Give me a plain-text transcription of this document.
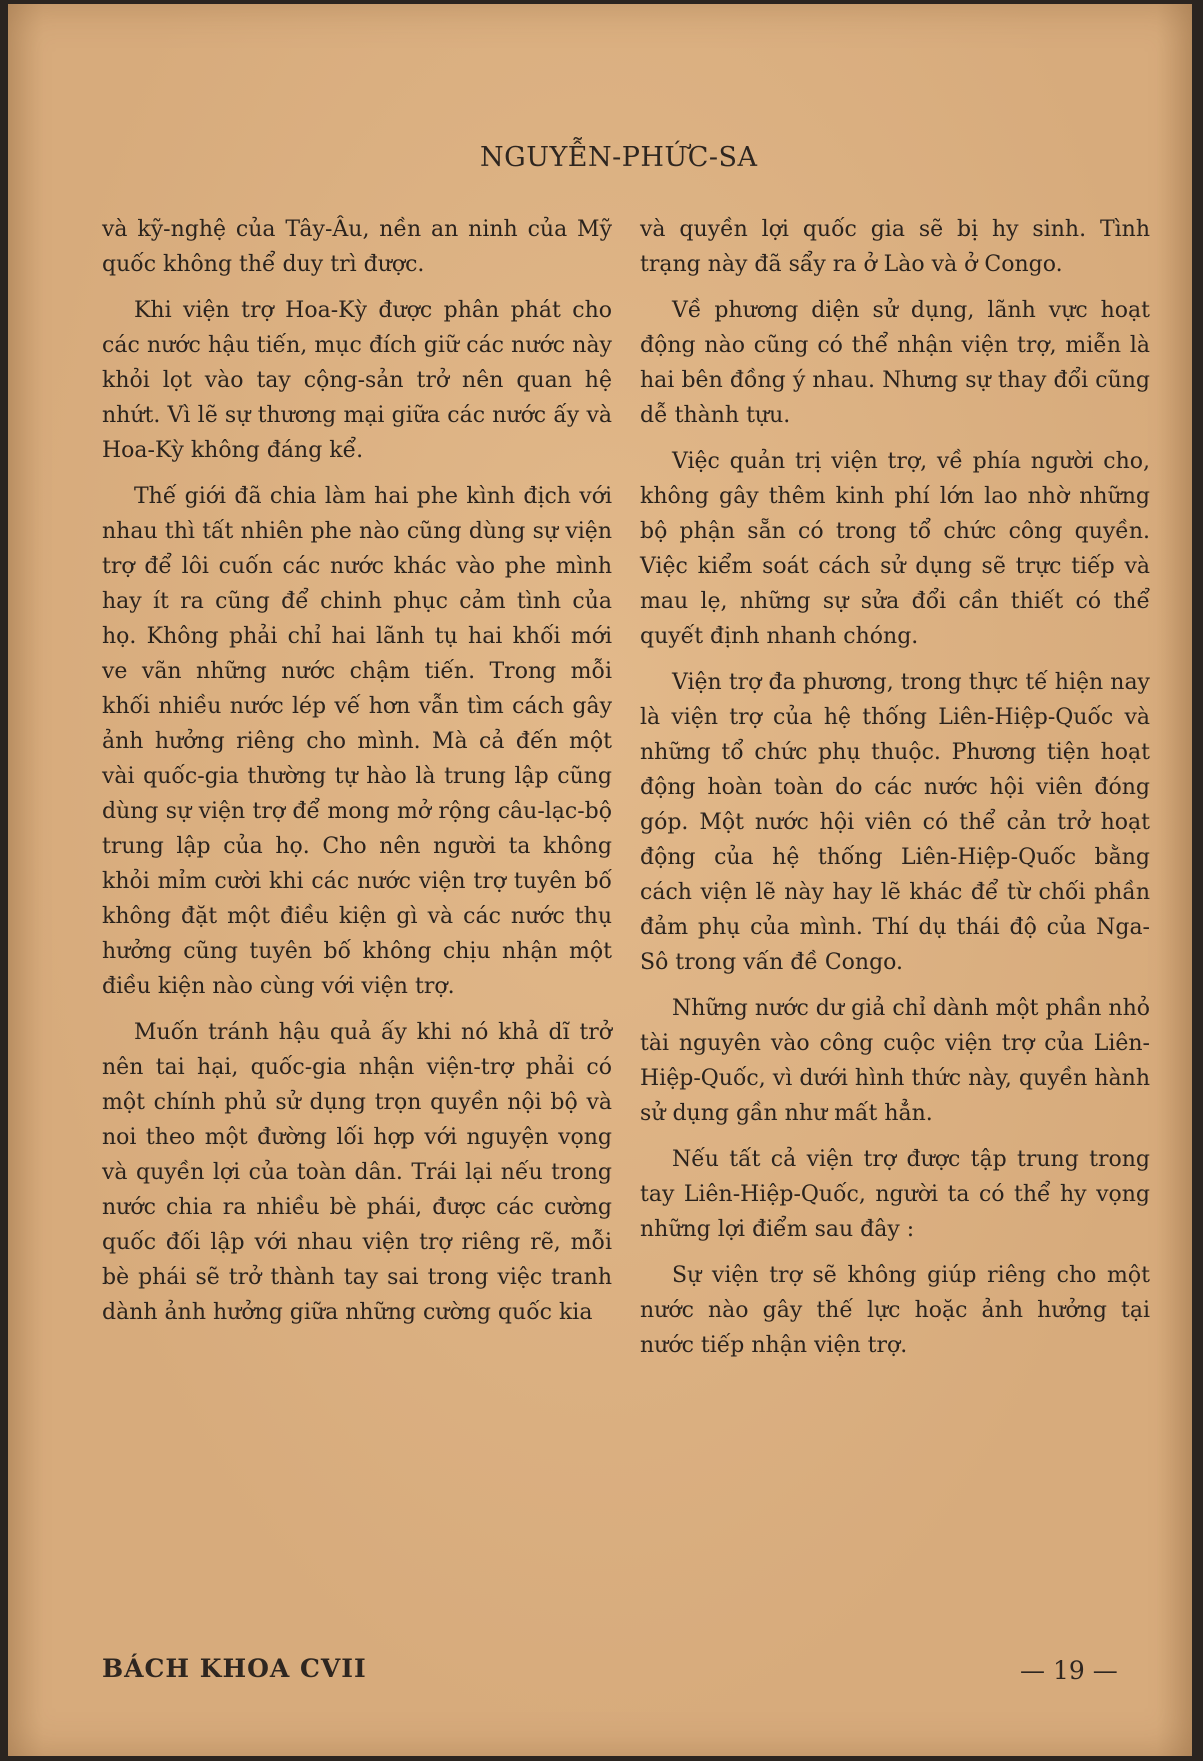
NGUYỄN-PHỨC-SA

và kỹ-nghệ của Tây-Âu, nền an ninh của Mỹ quốc không thể duy trì được.

Khi viện trợ Hoa-Kỳ được phân phát cho các nước hậu tiến, mục đích giữ các nước này khỏi lọt vào tay cộng-sản trở nên quan hệ nhứt. Vì lẽ sự thương mại giữa các nước ấy và Hoa-Kỳ không đáng kể.

Thế giới đã chia làm hai phe kình địch với nhau thì tất nhiên phe nào cũng dùng sự viện trợ để lôi cuốn các nước khác vào phe mình hay ít ra cũng để chinh phục cảm tình của họ. Không phải chỉ hai lãnh tụ hai khối mới ve vãn những nước chậm tiến. Trong mỗi khối nhiều nước lép vế hơn vẫn tìm cách gây ảnh hưởng riêng cho mình. Mà cả đến một vài quốc-gia thường tự hào là trung lập cũng dùng sự viện trợ để mong mở rộng câu-lạc-bộ trung lập của họ. Cho nên người ta không khỏi mỉm cười khi các nước viện trợ tuyên bố không đặt một điều kiện gì và các nước thụ hưởng cũng tuyên bố không chịu nhận một điều kiện nào cùng với viện trợ.

Muốn tránh hậu quả ấy khi nó khả dĩ trở nên tai hại, quốc-gia nhận viện-trợ phải có một chính phủ sử dụng trọn quyền nội bộ và noi theo một đường lối hợp với nguyện vọng và quyền lợi của toàn dân. Trái lại nếu trong nước chia ra nhiều bè phái, được các cường quốc đối lập với nhau viện trợ riêng rẽ, mỗi bè phái sẽ trở thành tay sai trong việc tranh dành ảnh hưởng giữa những cường quốc kia

và quyền lợi quốc gia sẽ bị hy sinh. Tình trạng này đã sẩy ra ở Lào và ở Congo.

Về phương diện sử dụng, lãnh vực hoạt động nào cũng có thể nhận viện trợ, miễn là hai bên đồng ý nhau. Nhưng sự thay đổi cũng dễ thành tựu.

Việc quản trị viện trợ, về phía người cho, không gây thêm kinh phí lớn lao nhờ những bộ phận sẵn có trong tổ chức công quyền. Việc kiểm soát cách sử dụng sẽ trực tiếp và mau lẹ, những sự sửa đổi cần thiết có thể quyết định nhanh chóng.

Viện trợ đa phương, trong thực tế hiện nay là viện trợ của hệ thống Liên-Hiệp-Quốc và những tổ chức phụ thuộc. Phương tiện hoạt động hoàn toàn do các nước hội viên đóng góp. Một nước hội viên có thể cản trở hoạt động của hệ thống Liên-Hiệp-Quốc bằng cách viện lẽ này hay lẽ khác để từ chối phần đảm phụ của mình. Thí dụ thái độ của Nga-Sô trong vấn đề Congo.

Những nước dư giả chỉ dành một phần nhỏ tài nguyên vào công cuộc viện trợ của Liên-Hiệp-Quốc, vì dưới hình thức này, quyền hành sử dụng gần như mất hẳn.

Nếu tất cả viện trợ được tập trung trong tay Liên-Hiệp-Quốc, người ta có thể hy vọng những lợi điểm sau đây :

Sự viện trợ sẽ không giúp riêng cho một nước nào gây thế lực hoặc ảnh hưởng tại nước tiếp nhận viện trợ.

BÁCH KHOA CVII	— 19 —
